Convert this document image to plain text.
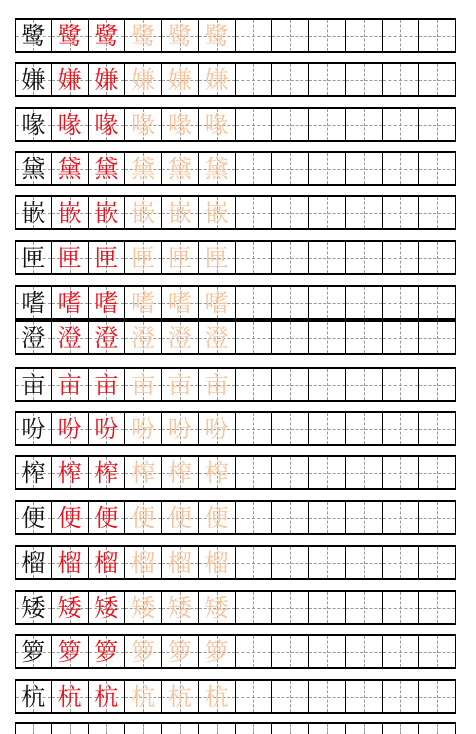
鹭 鹭 鹭 鹭 鹭 鹭
嫌 嫌 嫌 嫌 嫌 嫌
喙 喙 喙 喙 喙 喙
黛 黛 黛 黛 黛 黛
嵌 嵌 嵌 嵌 嵌 嵌
匣 匣 匣 匣 匣 匣
嗜 嗜 嗜 嗜 嗜 嗜
澄 澄 澄 澄 澄 澄
亩 亩 亩 亩 亩 亩
吩 吩 吩 吩 吩 吩
榨 榨 榨 榨 榨 榨
便 便 便 便 便 便
榴 榴 榴 榴 榴 榴
矮 矮 矮 矮 矮 矮
箩 箩 箩 箩 箩 箩
杭 杭 杭 杭 杭 杭
